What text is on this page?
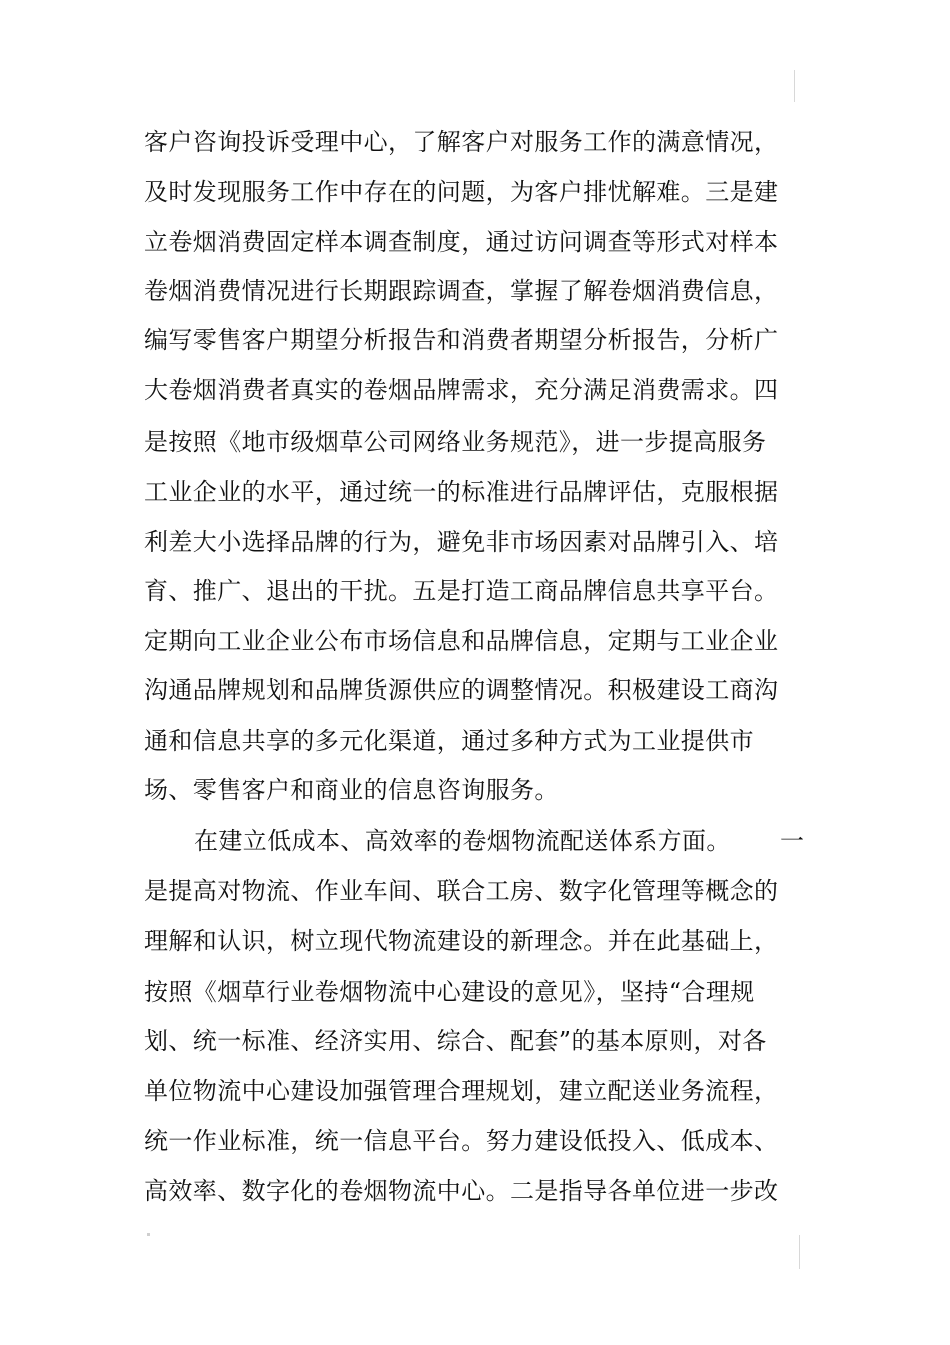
客户咨询投诉受理中心，了解客户对服务工作的满意情况，
及时发现服务工作中存在的问题，为客户排忧解难。三是建
立卷烟消费固定样本调查制度，通过访问调查等形式对样本
卷烟消费情况进行长期跟踪调查，掌握了解卷烟消费信息，
编写零售客户期望分析报告和消费者期望分析报告，分析广
大卷烟消费者真实的卷烟品牌需求，充分满足消费需求。四
是按照《地市级烟草公司网络业务规范》，进一步提高服务
工业企业的水平，通过统一的标准进行品牌评估，克服根据
利差大小选择品牌的行为，避免非市场因素对品牌引入、培
育、推广、退出的干扰。五是打造工商品牌信息共享平台。
定期向工业企业公布市场信息和品牌信息，定期与工业企业
沟通品牌规划和品牌货源供应的调整情况。积极建设工商沟
通和信息共享的多元化渠道，通过多种方式为工业提供市
场、零售客户和商业的信息咨询服务。
在建立低成本、高效率的卷烟物流配送体系方面。 一
是提高对物流、作业车间、联合工房、数字化管理等概念的
理解和认识，树立现代物流建设的新理念。并在此基础上，
按照《烟草行业卷烟物流中心建设的意见》，坚持“合理规
划、统一标准、经济实用、综合、配套”的基本原则，对各
单位物流中心建设加强管理合理规划，建立配送业务流程，
统一作业标准，统一信息平台。努力建设低投入、低成本、
高效率、数字化的卷烟物流中心。二是指导各单位进一步改
